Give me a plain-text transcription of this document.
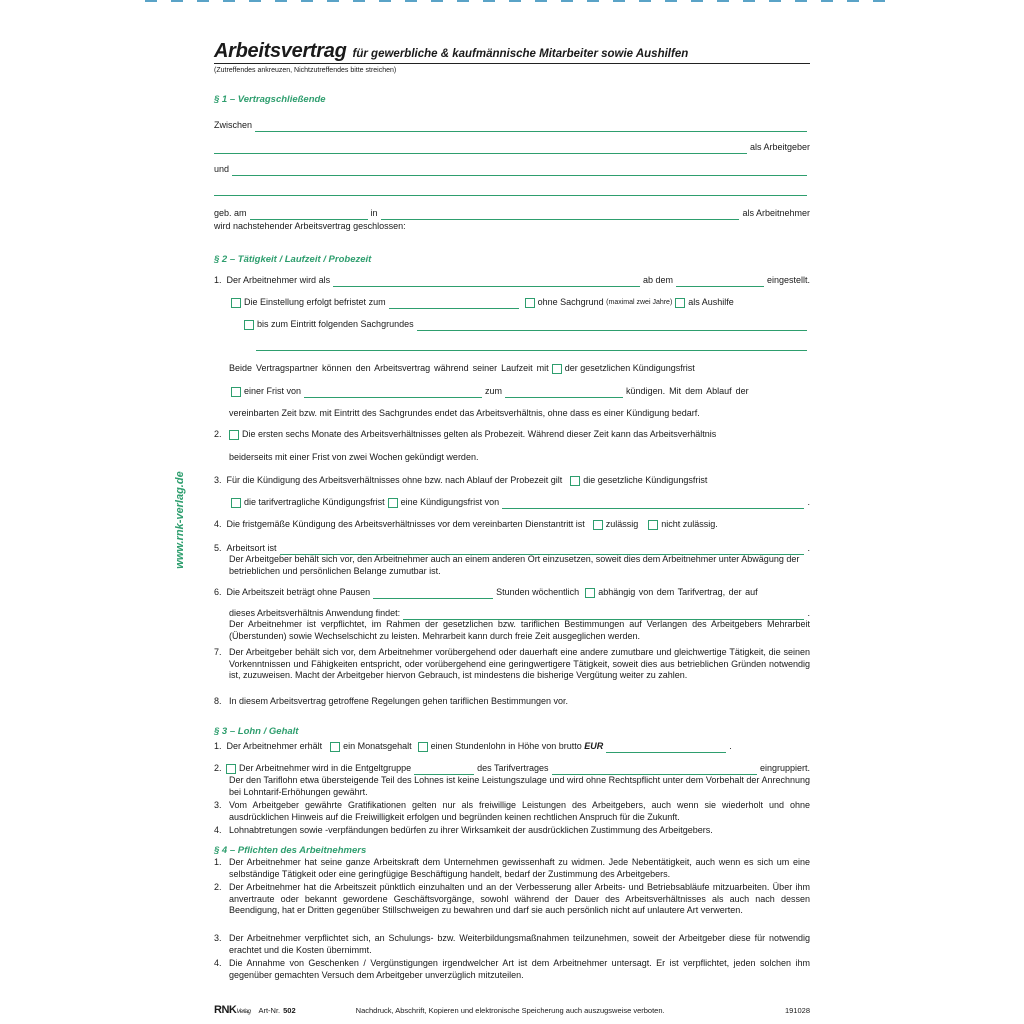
www.rnk-verlag.de
Arbeitsvertrag für gewerbliche & kaufmännische Mitarbeiter sowie Aushilfen
(Zutreffendes ankreuzen, Nichtzutreffendes bitte streichen)
§ 1 – Vertragschließende
Zwischen
als Arbeitgeber
und
geb. am	in	als Arbeitnehmer
wird nachstehender Arbeitsvertrag geschlossen:
§ 2 – Tätigkeit / Laufzeit / Probezeit
1.
Der Arbeitnehmer wird als	ab dem	eingestellt.
Die Einstellung erfolgt befristet zum	ohne Sachgrund
(maximal zwei Jahre) als Aushilfe
bis zum Eintritt folgenden Sachgrundes
Beide Vertragspartner können den Arbeitsvertrag während seiner Laufzeit mit der gesetzlichen Kündigungsfrist
einer Frist von	zum	kündigen. Mit dem Ablauf der
vereinbarten Zeit bzw. mit Eintritt des Sachgrundes endet das Arbeitsverhältnis, ohne dass es einer Kündigung bedarf.
2.	Die ersten sechs Monate des Arbeitsverhältnisses gelten als Probezeit. Während dieser Zeit kann das Arbeitsverhältnis
beiderseits mit einer Frist von zwei Wochen gekündigt werden.
3.
Für die Kündigung des Arbeitsverhältnisses ohne bzw. nach Ablauf der Probezeit gilt die gesetzliche Kündigungsfrist
die tarifvertragliche Kündigungsfrist eine Kündigungsfrist von	.
4.
Die fristgemäße Kündigung des Arbeitsverhältnisses vor dem vereinbarten Dienstantritt ist zulässig	nicht zulässig.
5.
Arbeitsort ist	.
Der Arbeitgeber behält sich vor, den Arbeitnehmer auch an einem anderen Ort einzusetzen, soweit dies dem Arbeitnehmer unter Abwägung der betrieblichen und persönlichen Belange zumutbar ist.
6.
Die Arbeitszeit beträgt ohne Pausen	Stunden wöchentlich abhängig von dem Tarifvertrag, der auf
dieses Arbeitsverhältnis Anwendung findet:	.
Der Arbeitnehmer ist verpflichtet, im Rahmen der gesetzlichen bzw. tariflichen Bestimmungen auf Verlangen des Arbeitgebers Mehrarbeit (Überstunden) sowie Wechselschicht zu leisten. Mehrarbeit kann durch freie Zeit ausgeglichen werden.
7. Der Arbeitgeber behält sich vor, dem Arbeitnehmer vorübergehend oder dauerhaft eine andere zumutbare und gleichwertige Tätigkeit, die seinen Vorkenntnissen und Fähigkeiten entspricht, oder vorübergehend eine geringwertigere Tätigkeit, soweit dies aus betrieblichen Gründen notwendig ist, zuzuweisen. Macht der Arbeitgeber hiervon Gebrauch, ist mindestens die bisherige Vergütung weiter zu zahlen.
8. In diesem Arbeitsvertrag getroffene Regelungen gehen tariflichen Bestimmungen vor.
§ 3 – Lohn / Gehalt
1.
Der Arbeitnehmer erhält ein Monatsgehalt einen Stundenlohn in Höhe von brutto
EUR	.
2.
Der Arbeitnehmer wird in die Entgeltgruppe	des Tarifvertrages	eingruppiert.
Der den Tariflohn etwa übersteigende Teil des Lohnes ist keine Leistungszulage und wird ohne Rechtspflicht unter dem Vorbehalt der Anrechnung bei Lohntarif-Erhöhungen gewährt.
3. Vom Arbeitgeber gewährte Gratifikationen gelten nur als freiwillige Leistungen des Arbeitgebers, auch wenn sie wiederholt und ohne ausdrücklichen Hinweis auf die Freiwilligkeit erfolgen und begründen keinen rechtlichen Anspruch für die Zukunft.
4. Lohnabtretungen sowie -verpfändungen bedürfen zu ihrer Wirksamkeit der ausdrücklichen Zustimmung des Arbeitgebers.
§ 4 – Pflichten des Arbeitnehmers
1. Der Arbeitnehmer hat seine ganze Arbeitskraft dem Unternehmen gewissenhaft zu widmen. Jede Nebentätigkeit, auch wenn es sich um eine selbständige Tätigkeit oder eine geringfügige Beschäftigung handelt, bedarf der Zustimmung des Arbeitgebers.
2. Der Arbeitnehmer hat die Arbeitszeit pünktlich einzuhalten und an der Verbesserung aller Arbeits- und Betriebsabläufe mitzuarbeiten. Über ihm anvertraute oder bekannt gewordene Geschäftsvorgänge, sowohl während der Dauer des Arbeitsverhältnisses als auch nach dessen Beendigung, hat er Dritten gegenüber Stillschweigen zu bewahren und darf sie auch persönlich nicht auf unlautere Art verwerten.
3. Der Arbeitnehmer verpflichtet sich, an Schulungs- bzw. Weiterbildungsmaßnahmen teilzunehmen, soweit der Arbeitgeber diese für notwendig erachtet und die Kosten übernimmt.
4. Die Annahme von Geschenken / Vergünstigungen irgendwelcher Art ist dem Arbeitnehmer untersagt. Er ist verpflichtet, jeden solchen ihm gegenüber gemachten Versuch dem Arbeitgeber unverzüglich mitzuteilen.
RNKVerlag Art-Nr. 502	Nachdruck, Abschrift, Kopieren und elektronische Speicherung auch auszugsweise verboten.	191028
